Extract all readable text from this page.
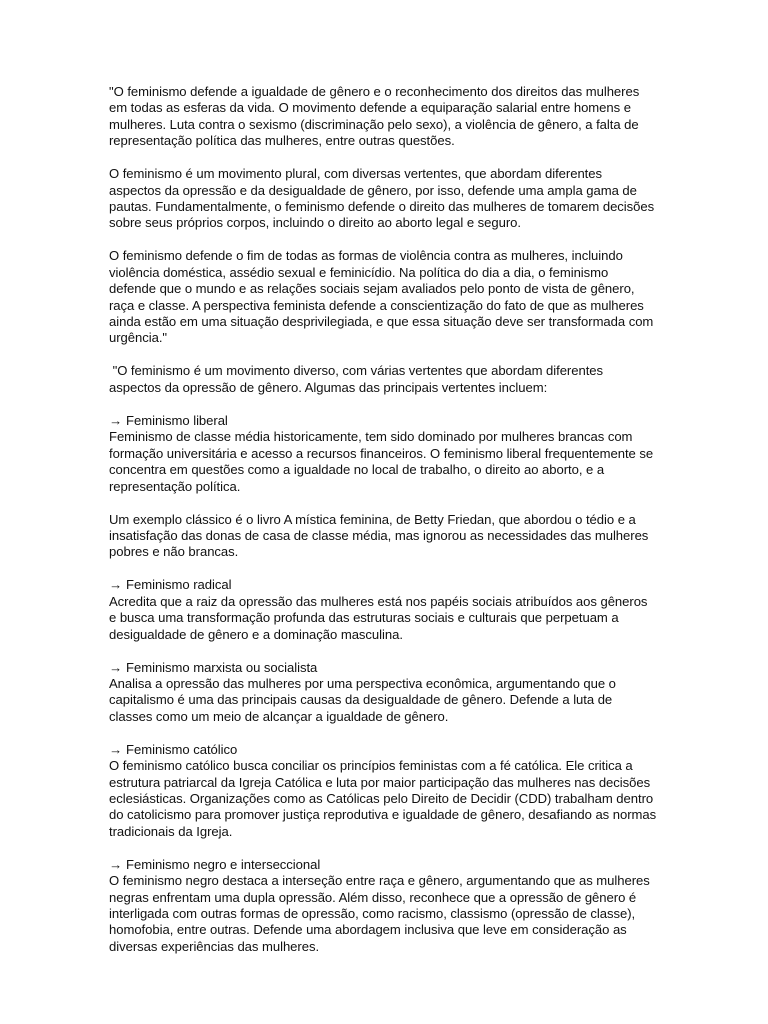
"O feminismo defende a igualdade de gênero e o reconhecimento dos direitos das mulheres em todas as esferas da vida. O movimento defende a equiparação salarial entre homens e mulheres. Luta contra o sexismo (discriminação pelo sexo), a violência de gênero, a falta de representação política das mulheres, entre outras questões.

O feminismo é um movimento plural, com diversas vertentes, que abordam diferentes aspectos da opressão e da desigualdade de gênero, por isso, defende uma ampla gama de pautas. Fundamentalmente, o feminismo defende o direito das mulheres de tomarem decisões sobre seus próprios corpos, incluindo o direito ao aborto legal e seguro.

O feminismo defende o fim de todas as formas de violência contra as mulheres, incluindo violência doméstica, assédio sexual e feminicídio. Na política do dia a dia, o feminismo defende que o mundo e as relações sociais sejam avaliados pelo ponto de vista de gênero, raça e classe. A perspectiva feminista defende a conscientização do fato de que as mulheres ainda estão em uma situação desprivilegiada, e que essa situação deve ser transformada com urgência."

"O feminismo é um movimento diverso, com várias vertentes que abordam diferentes aspectos da opressão de gênero. Algumas das principais vertentes incluem:

→ Feminismo liberal
Feminismo de classe média historicamente, tem sido dominado por mulheres brancas com formação universitária e acesso a recursos financeiros. O feminismo liberal frequentemente se concentra em questões como a igualdade no local de trabalho, o direito ao aborto, e a representação política.

Um exemplo clássico é o livro A mística feminina, de Betty Friedan, que abordou o tédio e a insatisfação das donas de casa de classe média, mas ignorou as necessidades das mulheres pobres e não brancas.

→ Feminismo radical
Acredita que a raiz da opressão das mulheres está nos papéis sociais atribuídos aos gêneros e busca uma transformação profunda das estruturas sociais e culturais que perpetuam a desigualdade de gênero e a dominação masculina.

→ Feminismo marxista ou socialista
Analisa a opressão das mulheres por uma perspectiva econômica, argumentando que o capitalismo é uma das principais causas da desigualdade de gênero. Defende a luta de classes como um meio de alcançar a igualdade de gênero.

→ Feminismo católico
O feminismo católico busca conciliar os princípios feministas com a fé católica. Ele critica a estrutura patriarcal da Igreja Católica e luta por maior participação das mulheres nas decisões eclesiásticas. Organizações como as Católicas pelo Direito de Decidir (CDD) trabalham dentro do catolicismo para promover justiça reprodutiva e igualdade de gênero, desafiando as normas tradicionais da Igreja.

→ Feminismo negro e interseccional
O feminismo negro destaca a interseção entre raça e gênero, argumentando que as mulheres negras enfrentam uma dupla opressão. Além disso, reconhece que a opressão de gênero é interligada com outras formas de opressão, como racismo, classismo (opressão de classe), homofobia, entre outras. Defende uma abordagem inclusiva que leve em consideração as diversas experiências das mulheres.
